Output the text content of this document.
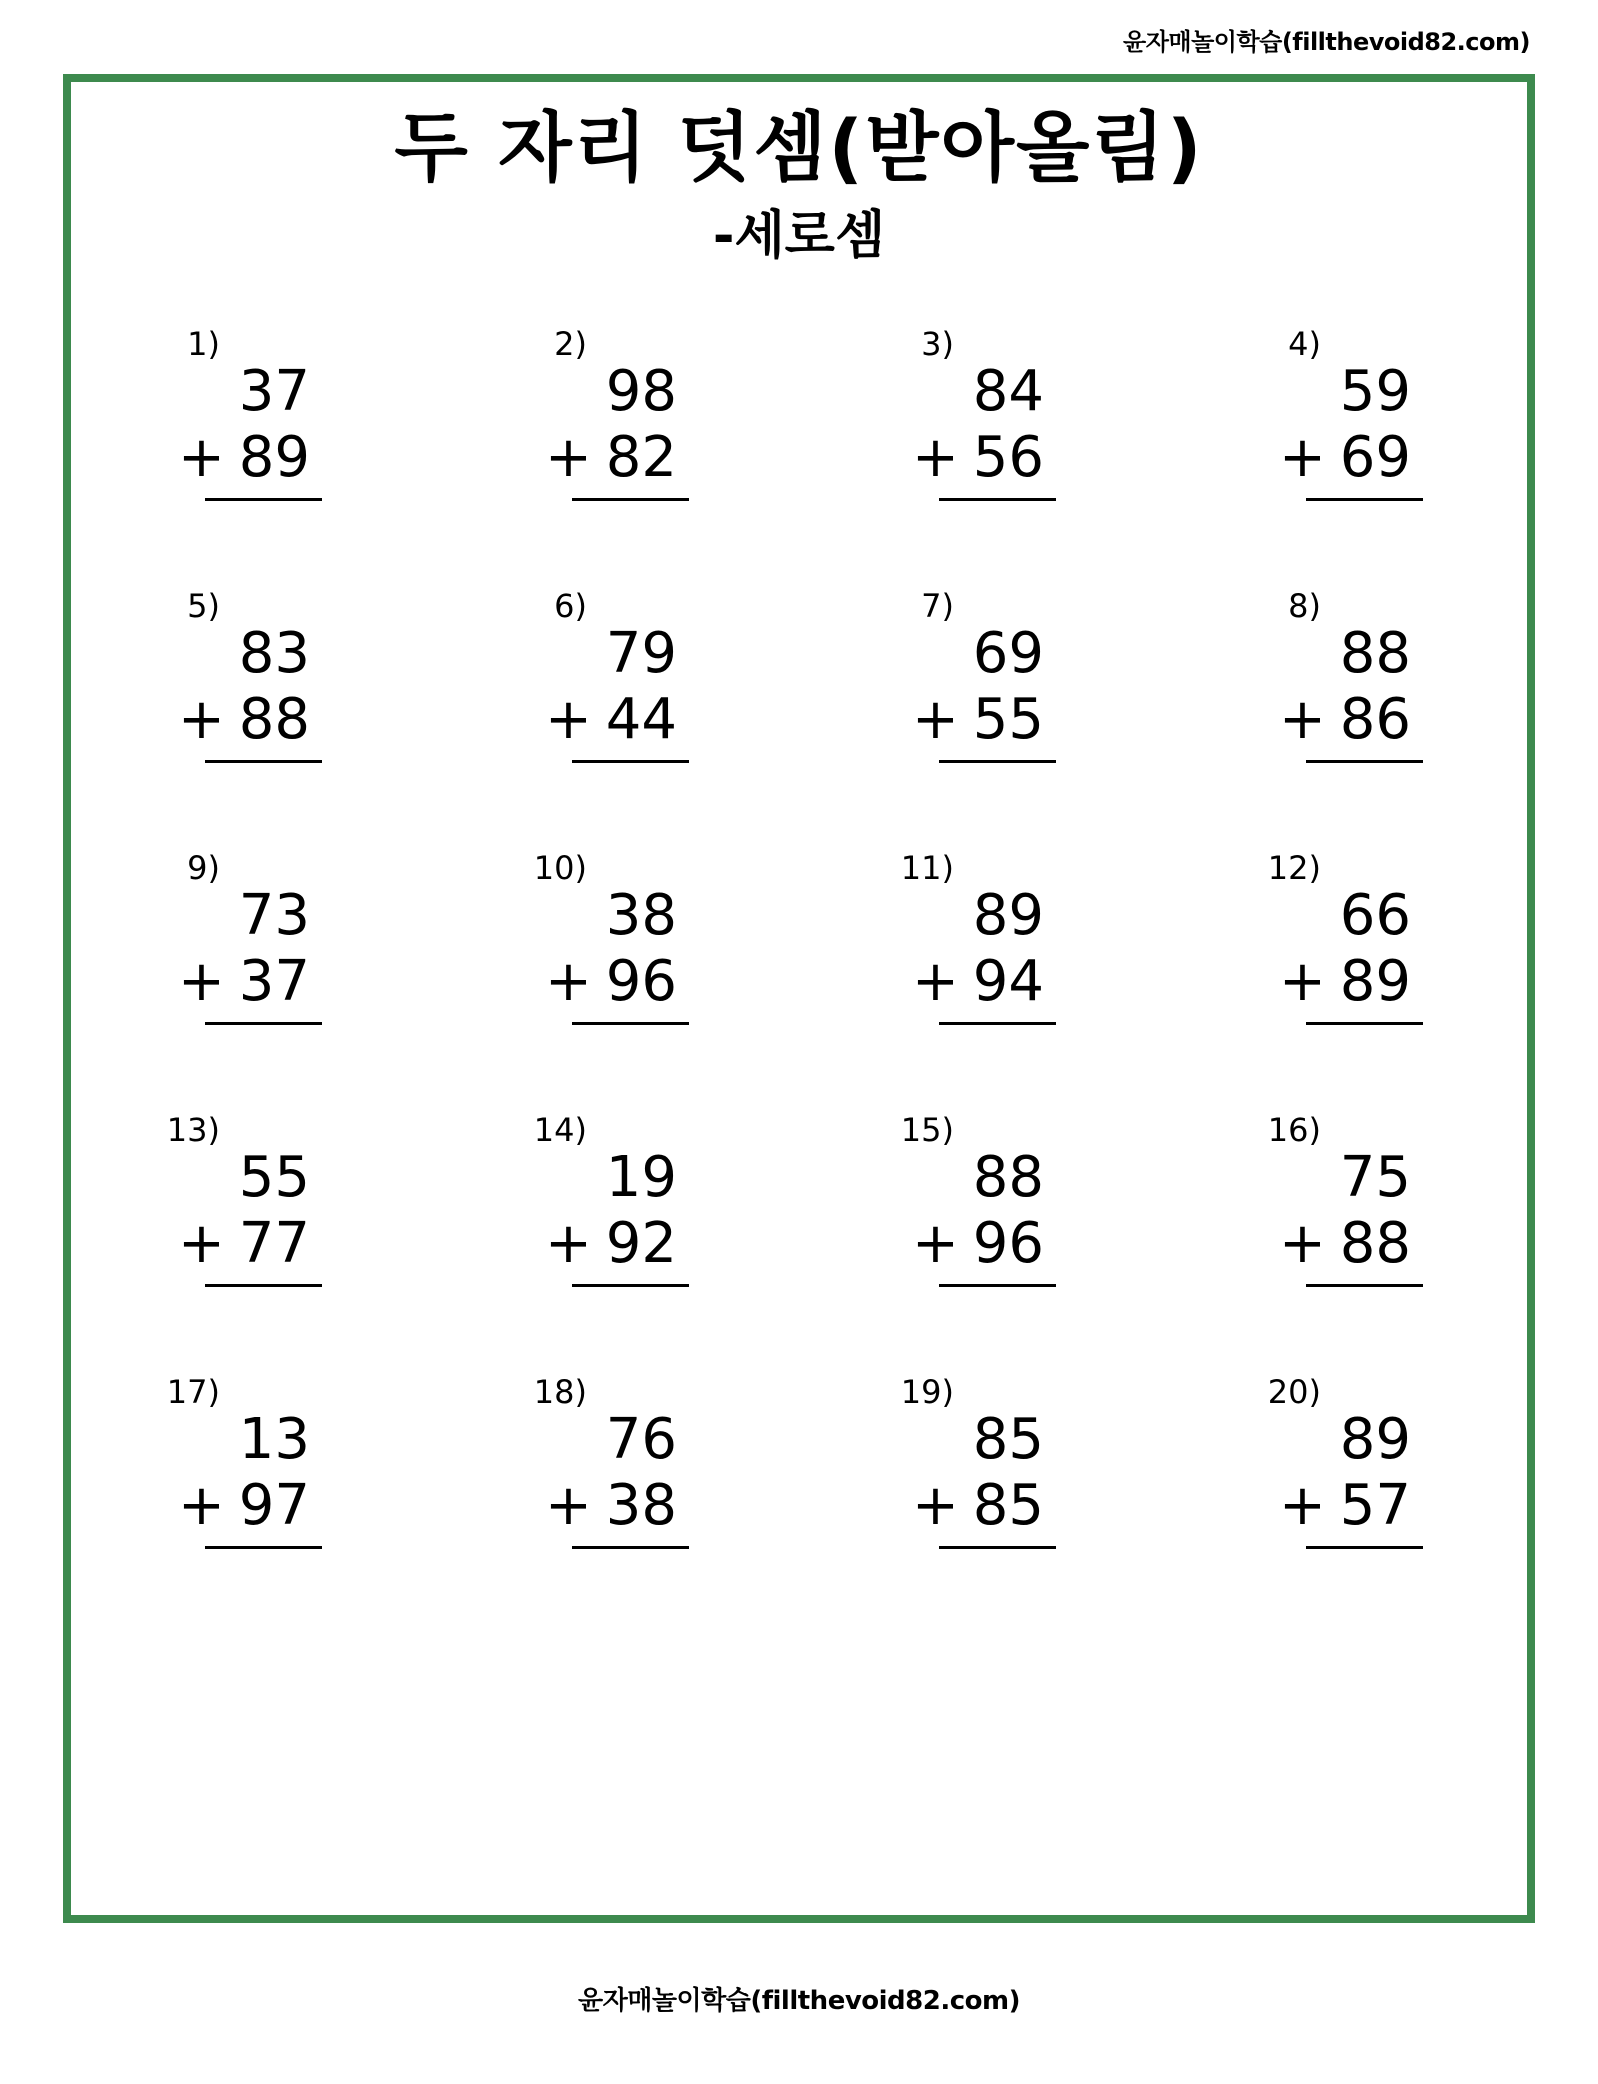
윤자매놀이학습(fillthevoid82.com)
두 자리 덧셈(받아올림)
-세로셈
1)
37
+ 89
2)
98
+ 82
3)
84
+ 56
4)
59
+ 69
5)
83
+ 88
6)
79
+ 44
7)
69
+ 55
8)
88
+ 86
9)
73
+ 37
10)
38
+ 96
11)
89
+ 94
12)
66
+ 89
13)
55
+ 77
14)
19
+ 92
15)
88
+ 96
16)
75
+ 88
17)
13
+ 97
18)
76
+ 38
19)
85
+ 85
20)
89
+ 57
윤자매놀이학습(fillthevoid82.com)
